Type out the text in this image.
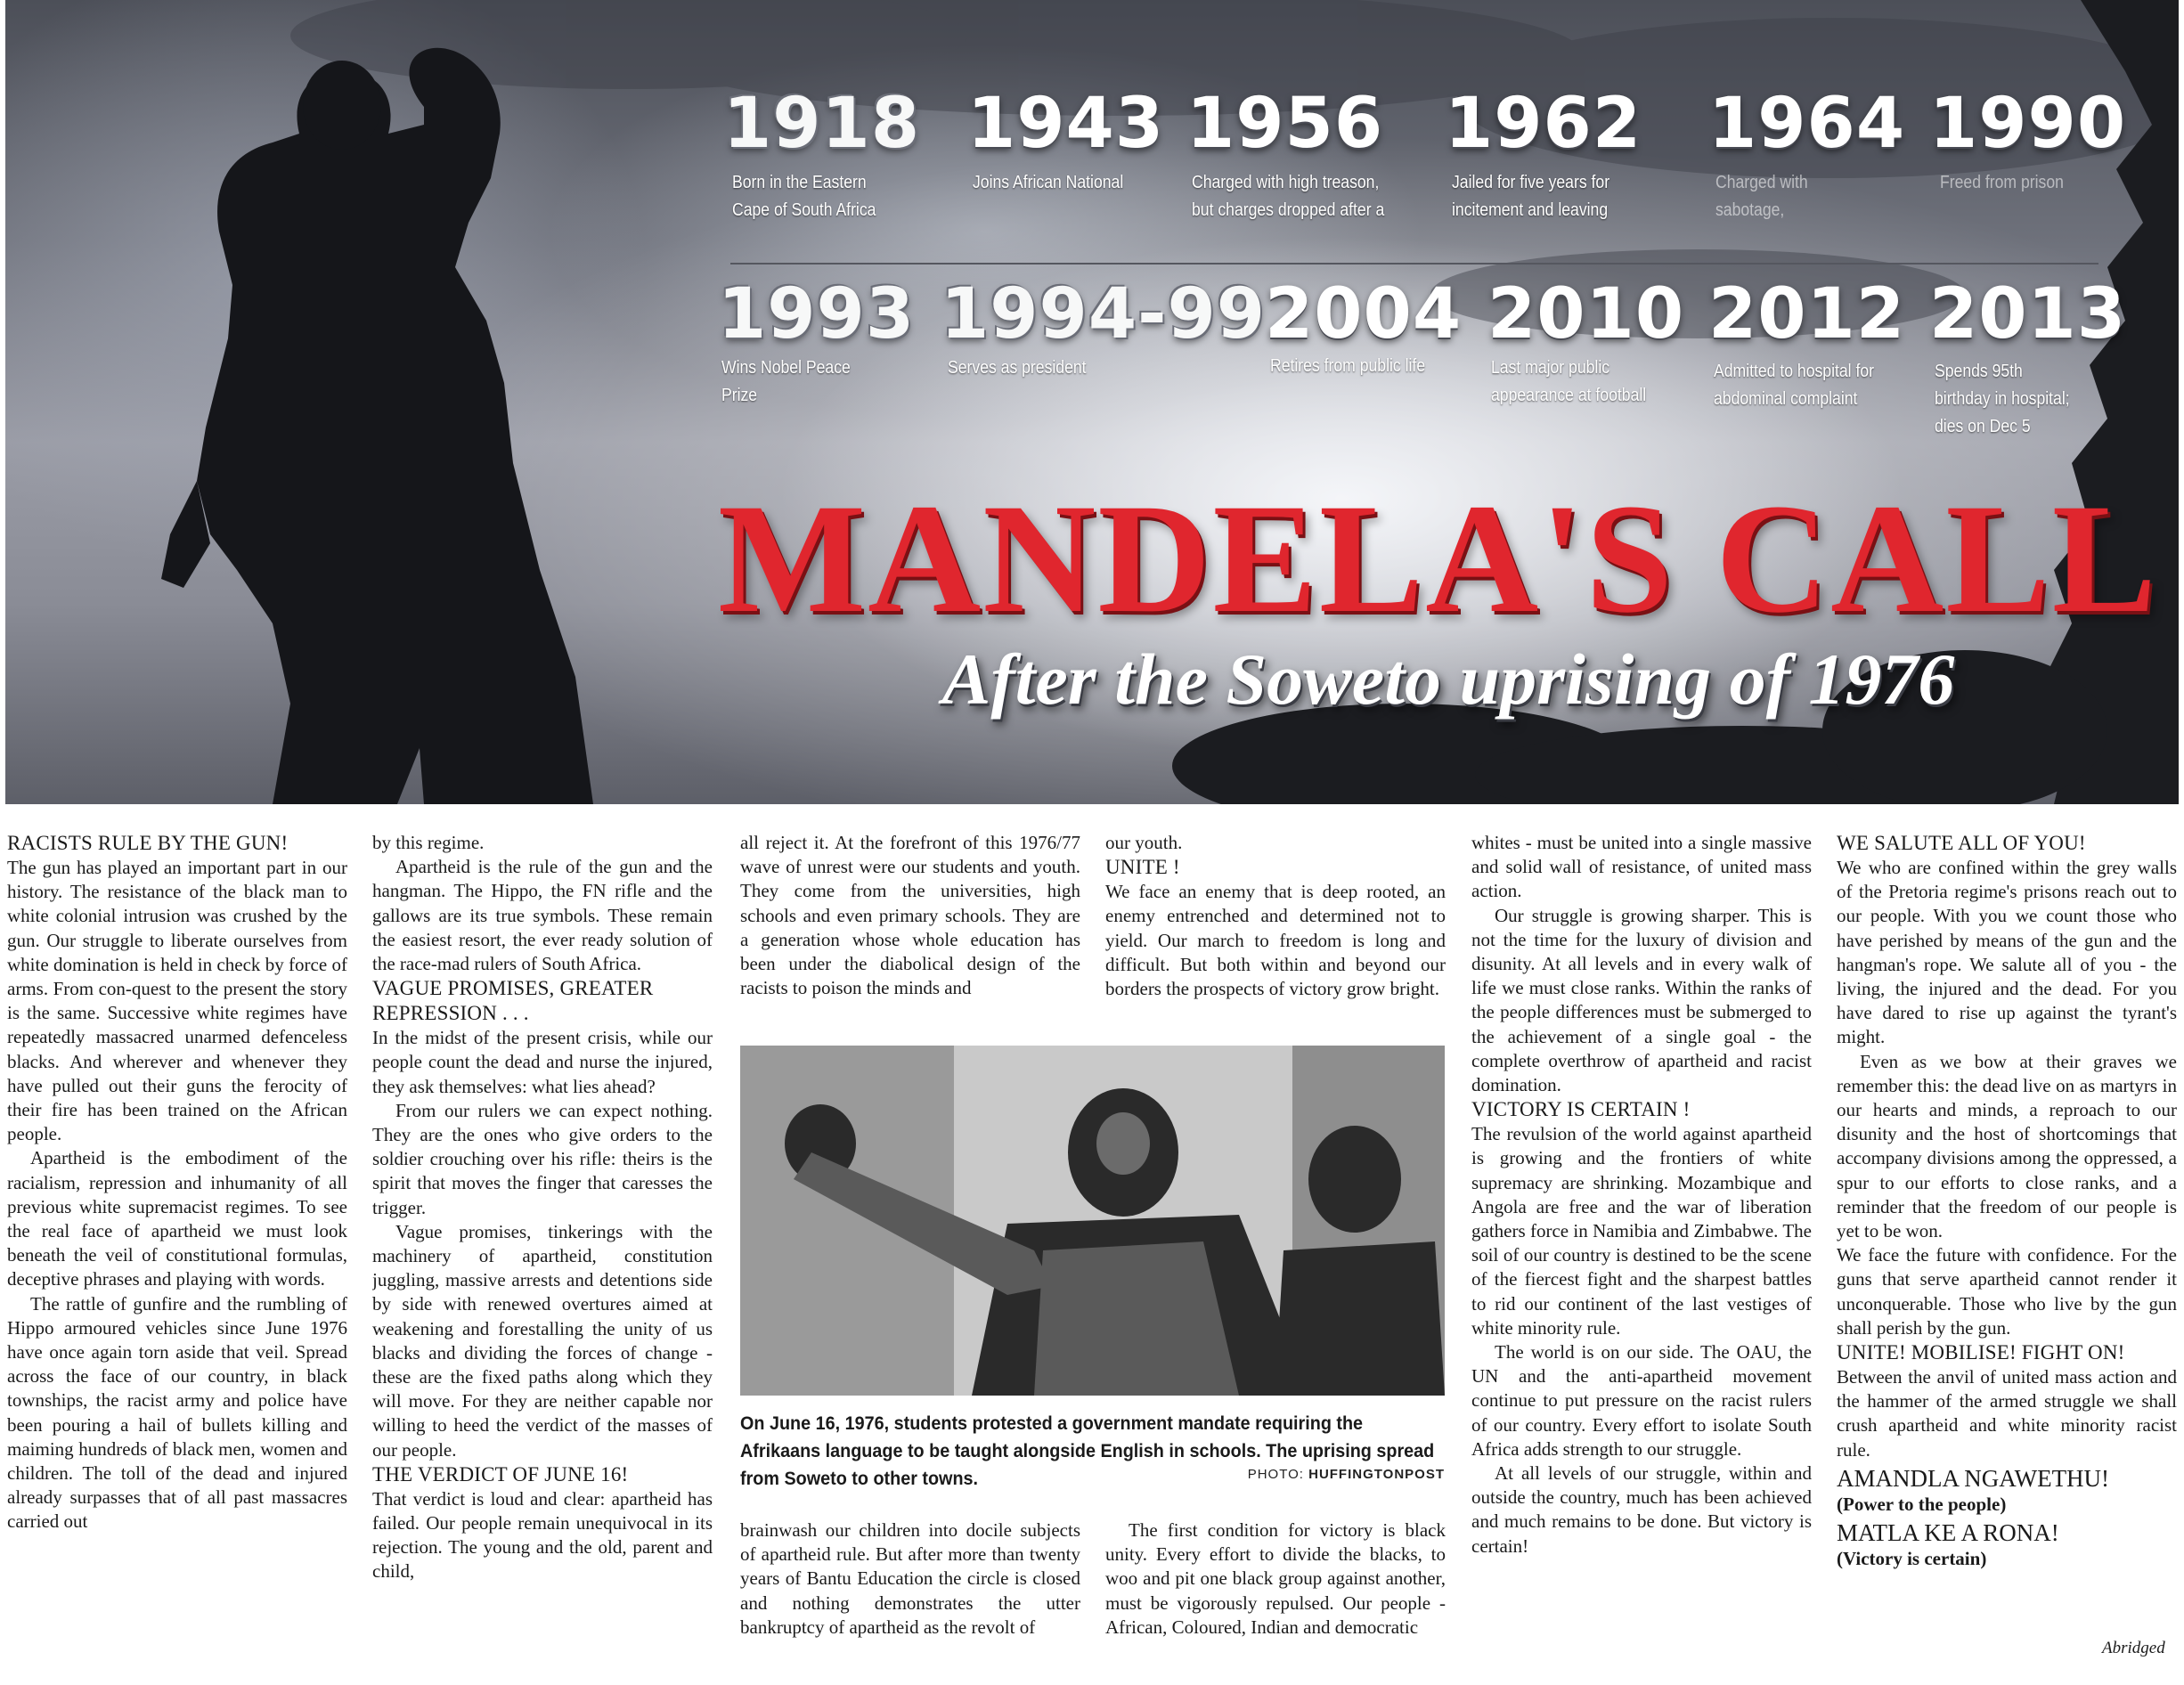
1918
Born in the Eastern Cape of South Africa
1943
Joins African National
1956
Charged with high treason, but charges dropped after a
1962
Jailed for five years for incitement and leaving
1964
Charged with sabotage,
1990
Freed from prison
1993
Wins Nobel Peace Prize
1994-99
Serves as president
2004
Retires from public life
2010
Last major public appearance at football
2012
Admitted to hospital for abdominal complaint
2013
Spends 95th birthday in hospital; dies on Dec 5
MANDELA'S CALL
After the Soweto uprising of 1976
RACISTS RULE BY THE GUN!

The gun has played an important part in our history. The resistance of the black man to white colonial intrusion was crushed by the gun. Our struggle to liberate ourselves from white domination is held in check by force of arms. From con-quest to the present the story is the same. Successive white regimes have repeatedly massacred unarmed defenceless blacks. And wherever and whenever they have pulled out their guns the ferocity of their fire has been trained on the African people.

Apartheid is the embodiment of the racialism, repression and inhumanity of all previous white supremacist regimes. To see the real face of apartheid we must look beneath the veil of constitutional formulas, deceptive phrases and playing with words.

The rattle of gunfire and the rumbling of Hippo armoured vehicles since June 1976 have once again torn aside that veil. Spread across the face of our country, in black townships, the racist army and police have been pouring a hail of bullets killing and maiming hundreds of black men, women and children. The toll of the dead and injured already surpasses that of all past massacres carried out

by this regime.

Apartheid is the rule of the gun and the hangman. The Hippo, the FN rifle and the gallows are its true symbols. These remain the easiest resort, the ever ready solution of the race-mad rulers of South Africa.

VAGUE PROMISES, GREATER REPRESSION . . .

In the midst of the present crisis, while our people count the dead and nurse the injured, they ask themselves: what lies ahead?

From our rulers we can expect nothing. They are the ones who give orders to the soldier crouching over his rifle: theirs is the spirit that moves the finger that caresses the trigger.

Vague promises, tinkerings with the machinery of apartheid, constitution juggling, massive arrests and detentions side by side with renewed overtures aimed at weakening and forestalling the unity of us blacks and dividing the forces of change - these are the fixed paths along which they will move. For they are neither capable nor willing to heed the verdict of the masses of our people.

THE VERDICT OF JUNE 16!

That verdict is loud and clear: apartheid has failed. Our people remain unequivocal in its rejection. The young and the old, parent and child,

all reject it. At the forefront of this 1976/77 wave of unrest were our students and youth. They come from the universities, high schools and even primary schools. They are a generation whose whole education has been under the diabolical design of the racists to poison the minds and

our youth.

UNITE !

We face an enemy that is deep rooted, an enemy entrenched and determined not to yield. Our march to freedom is long and difficult. But both within and beyond our borders the prospects of victory grow bright.

On June 16, 1976, students protested a government mandate requiring the Afrikaans language to be taught alongside English in schools. The uprising spread from Soweto to other towns.	PHOTO: HUFFINGTONPOST

brainwash our children into docile subjects of apartheid rule. But after more than twenty years of Bantu Education the circle is closed and nothing demonstrates the utter bankruptcy of apartheid as the revolt of

The first condition for victory is black unity. Every effort to divide the blacks, to woo and pit one black group against another, must be vigorously repulsed. Our people - African, Coloured, Indian and democratic

whites - must be united into a single massive and solid wall of resistance, of united mass action.

Our struggle is growing sharper. This is not the time for the luxury of division and disunity. At all levels and in every walk of life we must close ranks. Within the ranks of the people differences must be submerged to the achievement of a single goal - the complete overthrow of apartheid and racist domination.

VICTORY IS CERTAIN !

The revulsion of the world against apartheid is growing and the frontiers of white supremacy are shrinking. Mozambique and Angola are free and the war of liberation gathers force in Namibia and Zimbabwe. The soil of our country is destined to be the scene of the fiercest fight and the sharpest battles to rid our continent of the last vestiges of white minority rule.

The world is on our side. The OAU, the UN and the anti-apartheid movement continue to put pressure on the racist rulers of our country. Every effort to isolate South Africa adds strength to our struggle.

At all levels of our struggle, within and outside the country, much has been achieved and much remains to be done. But victory is certain!

WE SALUTE ALL OF YOU!

We who are confined within the grey walls of the Pretoria regime's prisons reach out to our people. With you we count those who have perished by means of the gun and the hangman's rope. We salute all of you - the living, the injured and the dead. For you have dared to rise up against the tyrant's might.

Even as we bow at their graves we remember this: the dead live on as martyrs in our hearts and minds, a reproach to our disunity and the host of shortcomings that accompany divisions among the oppressed, a spur to our efforts to close ranks, and a reminder that the freedom of our people is yet to be won.

We face the future with confidence. For the guns that serve apartheid cannot render it unconquerable. Those who live by the gun shall perish by the gun.

UNITE! MOBILISE! FIGHT ON!

Between the anvil of united mass action and the hammer of the armed struggle we shall crush apartheid and white minority racist rule.

AMANDLA NGAWETHU!
(Power to the people)
MATLA KE A RONA!
(Victory is certain)
Abridged
